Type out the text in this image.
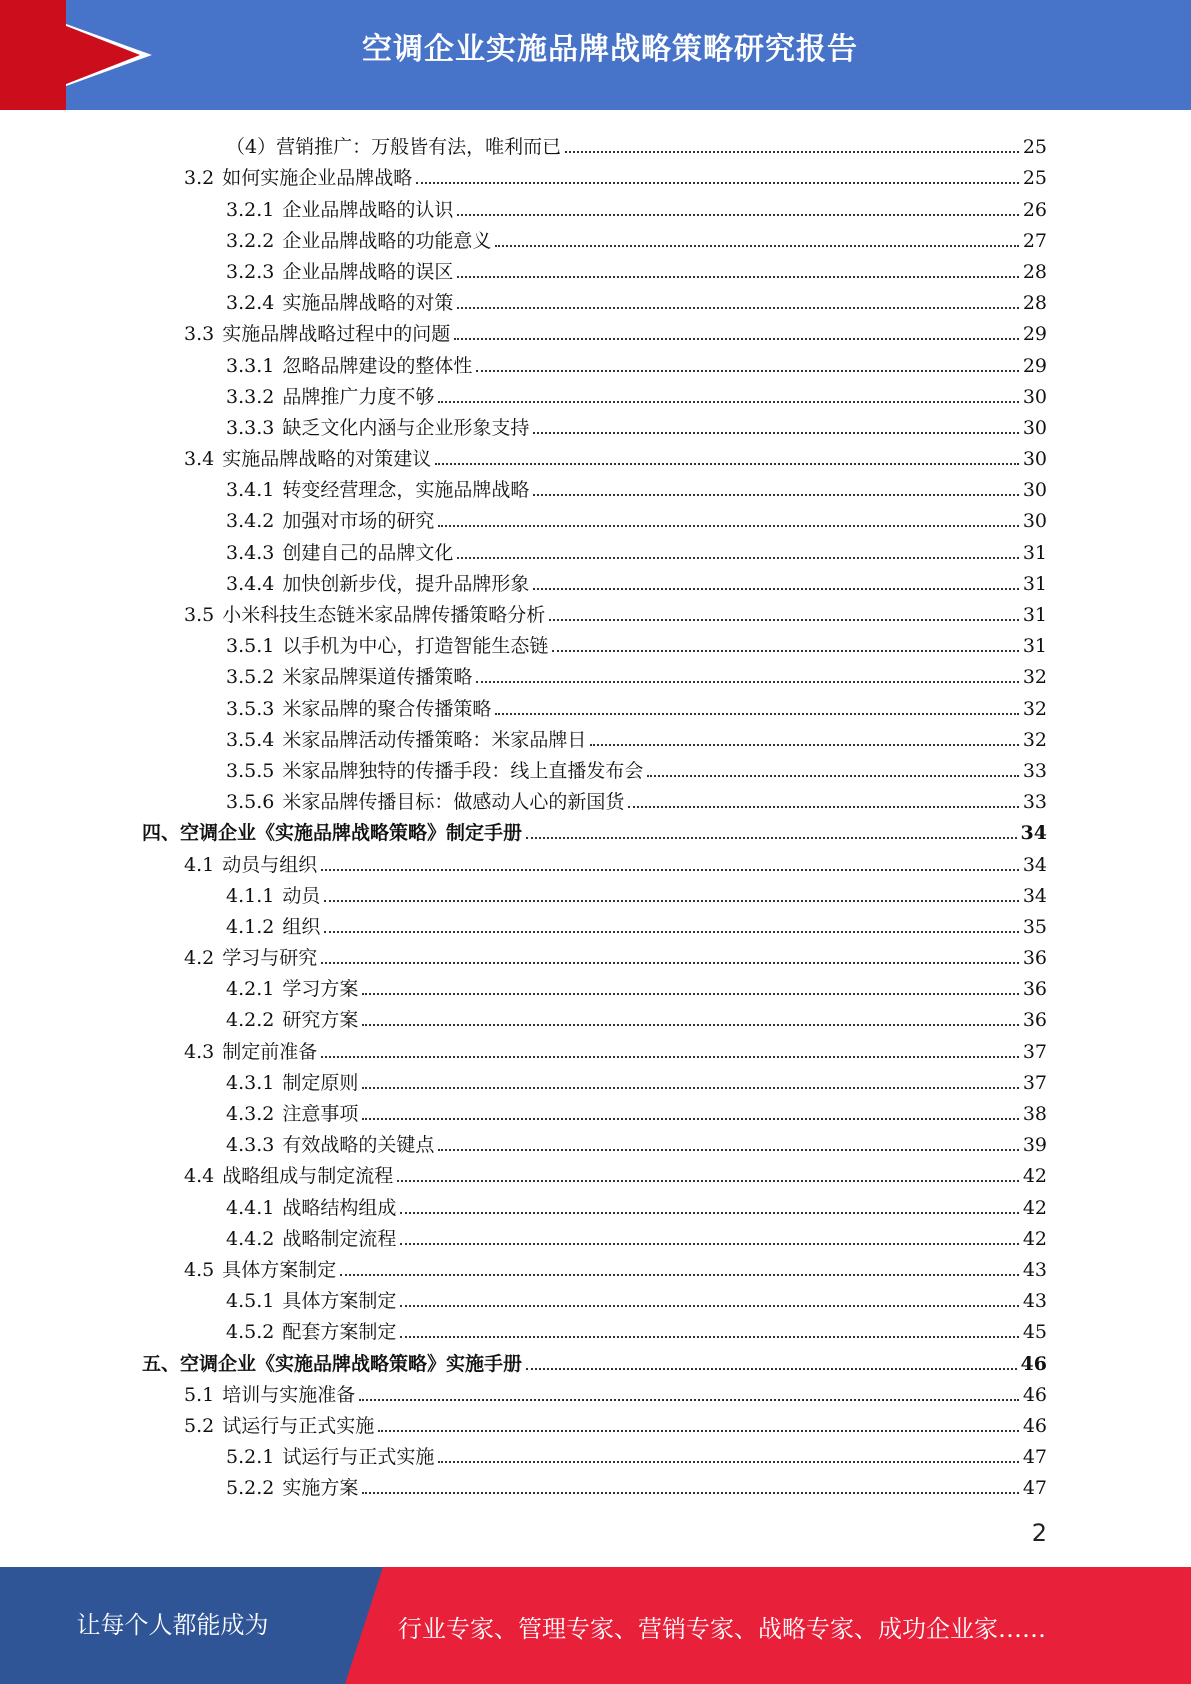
空调企业实施品牌战略策略研究报告
（4）营销推广：万般皆有法，唯利而已	25
3.2 如何实施企业品牌战略	25
3.2.1 企业品牌战略的认识	26
3.2.2 企业品牌战略的功能意义	27
3.2.3 企业品牌战略的误区	28
3.2.4 实施品牌战略的对策	28
3.3 实施品牌战略过程中的问题	29
3.3.1 忽略品牌建设的整体性	29
3.3.2 品牌推广力度不够	30
3.3.3 缺乏文化内涵与企业形象支持	30
3.4 实施品牌战略的对策建议	30
3.4.1 转变经营理念，实施品牌战略	30
3.4.2 加强对市场的研究	30
3.4.3 创建自己的品牌文化	31
3.4.4 加快创新步伐，提升品牌形象	31
3.5 小米科技生态链米家品牌传播策略分析	31
3.5.1 以手机为中心，打造智能生态链	31
3.5.2 米家品牌渠道传播策略	32
3.5.3 米家品牌的聚合传播策略	32
3.5.4 米家品牌活动传播策略：米家品牌日	32
3.5.5 米家品牌独特的传播手段：线上直播发布会	33
3.5.6 米家品牌传播目标：做感动人心的新国货	33
四、 空调企业《实施品牌战略策略》制定手册	34
4.1 动员与组织	34
4.1.1 动员	34
4.1.2 组织	35
4.2 学习与研究	36
4.2.1 学习方案	36
4.2.2 研究方案	36
4.3 制定前准备	37
4.3.1 制定原则	37
4.3.2 注意事项	38
4.3.3 有效战略的关键点	39
4.4 战略组成与制定流程	42
4.4.1 战略结构组成	42
4.4.2 战略制定流程	42
4.5 具体方案制定	43
4.5.1 具体方案制定	43
4.5.2 配套方案制定	45
五、 空调企业《实施品牌战略策略》实施手册	46
5.1 培训与实施准备	46
5.2 试运行与正式实施	46
5.2.1 试运行与正式实施	47
5.2.2 实施方案	47
2
让每个人都能成为	行业专家、管理专家、营销专家、战略专家、成功企业家……
